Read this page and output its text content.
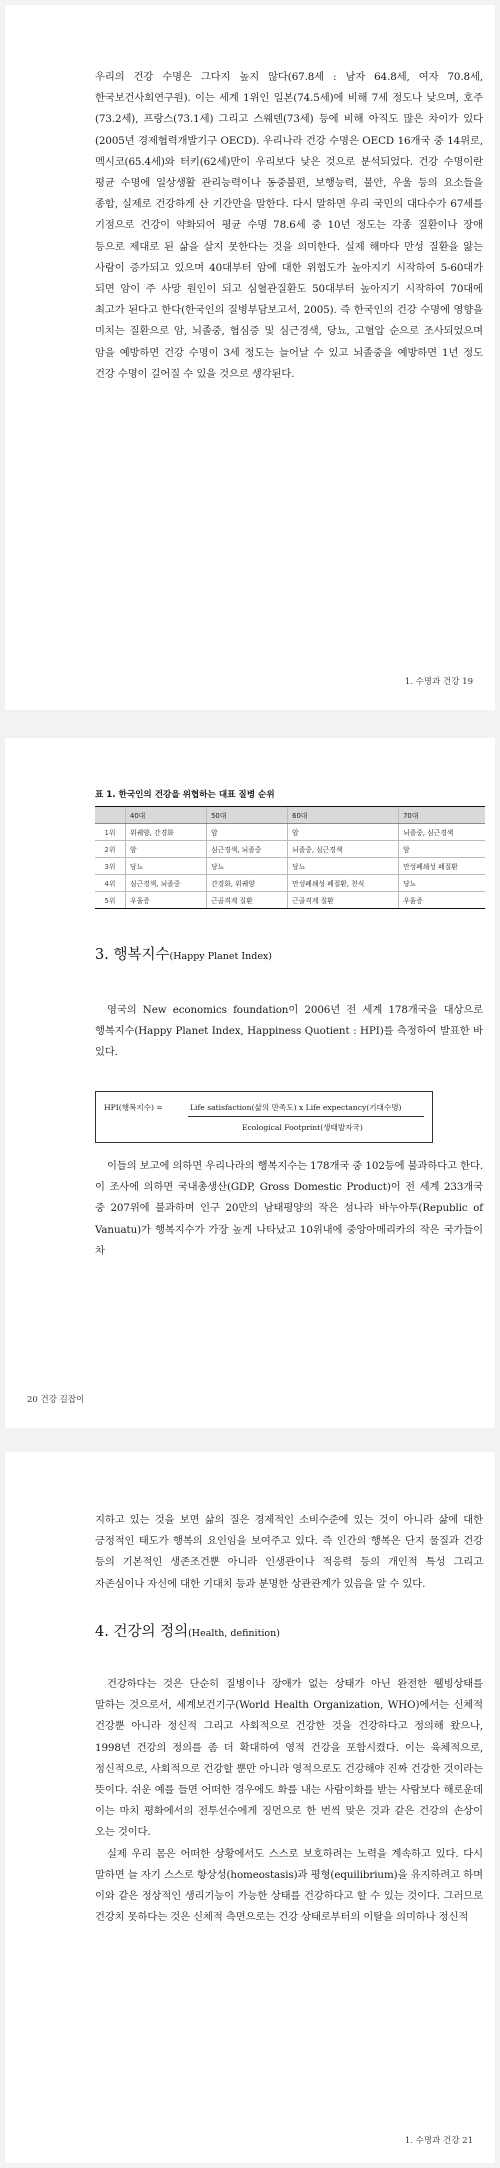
우리의 건강 수명은 그다지 높지 않다(67.8세 : 남자 64.8세, 여자 70.8세, 한국보건사회연구원). 이는 세계 1위인 일본(74.5세)에 비해 7세 정도나 낮으며, 호주(73.2세), 프랑스(73.1세) 그리고 스웨덴(73세) 등에 비해 아직도 많은 차이가 있다(2005년 경제협력개발기구 OECD). 우리나라 건강 수명은 OECD 16개국 중 14위로, 멕시코(65.4세)와 터키(62세)만이 우리보다 낮은 것으로 분석되었다. 건강 수명이란 평균 수명에 일상생활 관리능력이나 동중불편, 보행능력, 불안, 우울 등의 요소들을 종합, 실제로 건강하게 산 기간만을 말한다. 다시 말하면 우리 국민의 대다수가 67세를 기점으로 건강이 약화되어 평균 수명 78.6세 중 10년 정도는 각종 질환이나 장애 등으로 제대로 된 삶을 살지 못한다는 것을 의미한다. 실제 해마다 만성 질환을 앓는 사람이 증가되고 있으며 40대부터 암에 대한 위험도가 높아지기 시작하여 5-60대가 되면 암이 주 사망 원인이 되고 심혈관질환도 50대부터 높아지기 시작하여 70대에 최고가 된다고 한다(한국인의 질병부담보고서, 2005). 즉 한국인의 건강 수명에 영향을 미치는 질환으로 암, 뇌졸중, 협심증 및 심근경색, 당뇨, 고혈압 순으로 조사되었으며 암을 예방하면 건강 수명이 3세 정도는 늘어날 수 있고 뇌졸중을 예방하면 1년 정도 건강 수명이 길어질 수 있을 것으로 생각된다.

1. 수명과 건강 19
표 1. 한국인의 건강을 위협하는 대표 질병 순위
	40대	50대	60대	70대
1위	위궤양, 간경화	암	암	뇌졸중, 심근경색
2위	암	심근경색, 뇌졸중	뇌졸중, 심근경색	암
3위	당뇨	당뇨	당뇨	만성폐쇄성 폐질환
4위	심근경색, 뇌졸중	간경화, 위궤양	만성폐쇄성 폐질환, 천식	당뇨
5위	우울증	근골격계 질환	근골격계 질환	우울증
3. 행복지수(Happy Planet Index)

영국의 New economics foundation이 2006년 전 세계 178개국을 대상으로 행복지수(Happy Planet Index, Happiness Quotient : HPI)를 측정하여 발표한 바 있다.

HPI(행복지수) =	Life satisfaction(삶의 만족도) x Life expectancy(기대수명)
Ecological Footprint(생태발자국)

이들의 보고에 의하면 우리나라의 행복지수는 178개국 중 102등에 불과하다고 한다. 이 조사에 의하면 국내총생산(GDP, Gross Domestic Product)이 전 세계 233개국 중 207위에 불과하며 인구 20만의 남태평양의 작은 섬나라 바누아투(Republic of Vanuatu)가 행복지수가 가장 높게 나타났고 10위내에 중앙아메리카의 작은 국가들이 차

20 건강 길잡이

지하고 있는 것을 보면 삶의 질은 경제적인 소비수준에 있는 것이 아니라 삶에 대한 긍정적인 태도가 행복의 요인임을 보여주고 있다. 즉 인간의 행복은 단지 물질과 건강 등의 기본적인 생존조건뿐 아니라 인생관이나 적응력 등의 개인적 특성 그리고 자존심이나 자신에 대한 기대치 등과 분명한 상관관계가 있음을 알 수 있다.

4. 건강의 정의(Health, definition)

건강하다는 것은 단순히 질병이나 장애가 없는 상태가 아닌 완전한 웰빙상태를 말하는 것으로서, 세계보건기구(World Health Organization, WHO)에서는 신체적 건강뿐 아니라 정신적 그리고 사회적으로 건강한 것을 건강하다고 정의해 왔으나, 1998년 건강의 정의를 좀 더 확대하여 영적 건강을 포함시켰다. 이는 육체적으로, 정신적으로, 사회적으로 건강할 뿐만 아니라 영적으로도 건강해야 진짜 건강한 것이라는 뜻이다. 쉬운 예를 들면 어떠한 경우에도 화를 내는 사람이화를 받는 사람보다 해로운데 이는 마치 평화에서의 전투선수에게 징먼으로 한 번씩 맞은 것과 같은 건강의 손상이 오는 것이다.

실제 우리 몸은 어떠한 상황에서도 스스로 보호하려는 노력을 계속하고 있다. 다시 말하면 늘 자기 스스로 항상성(homeostasis)과 평형(equilibrium)을 유지하려고 하며 이와 같은 정상적인 생리기능이 가능한 상태를 건강하다고 할 수 있는 것이다. 그러므로 건강치 못하다는 것은 신체적 측면으로는 건강 상태로부터의 이탈을 의미하나 정신적

1. 수명과 건강 21
